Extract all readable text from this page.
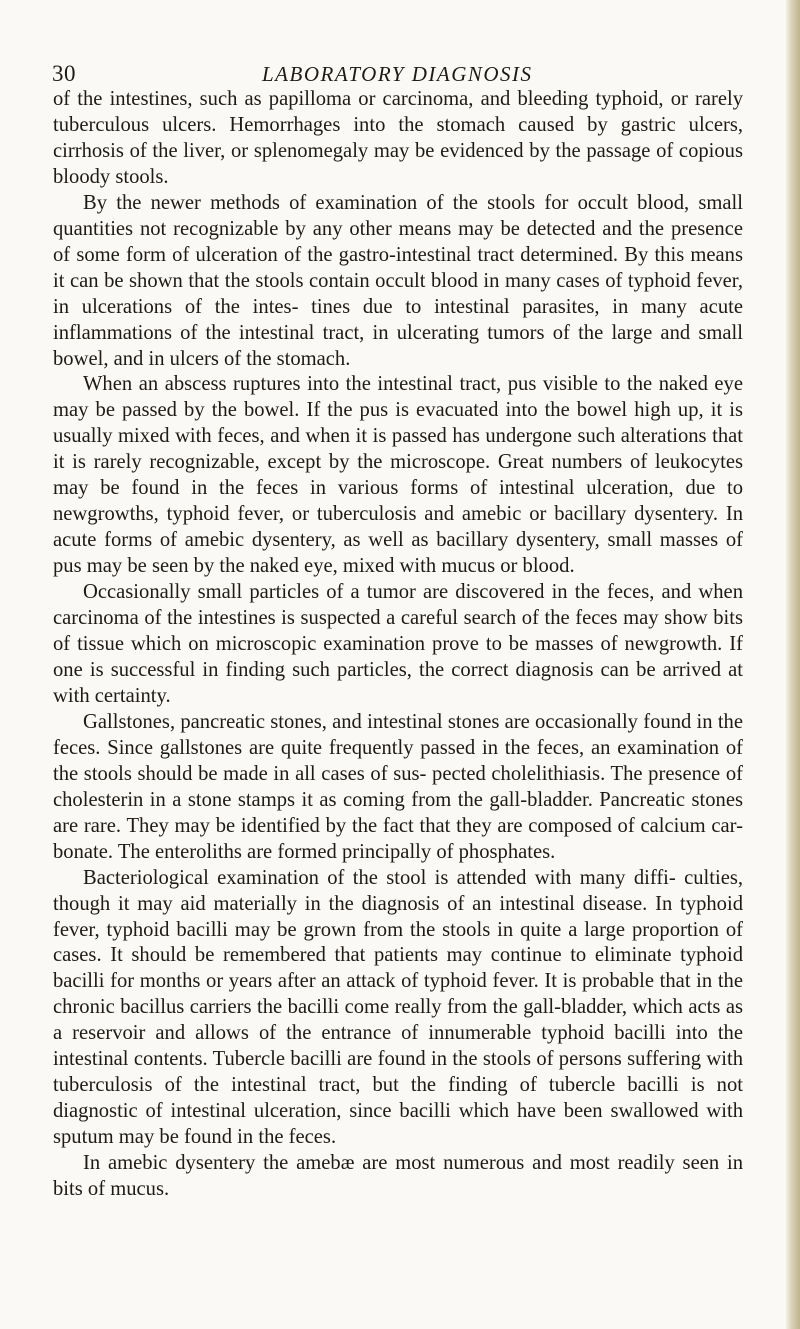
30	LABORATORY DIAGNOSIS

of the intestines, such as papilloma or carcinoma, and bleeding typhoid, or rarely tuberculous ulcers. Hemorrhages into the stomach caused by gastric ulcers, cirrhosis of the liver, or splenomegaly may be evidenced by the passage of copious bloody stools.

By the newer methods of examination of the stools for occult blood, small quantities not recognizable by any other means may be detected and the presence of some form of ulceration of the gastro-intestinal tract determined. By this means it can be shown that the stools contain occult blood in many cases of typhoid fever, in ulcerations of the intes- tines due to intestinal parasites, in many acute inflammations of the intestinal tract, in ulcerating tumors of the large and small bowel, and in ulcers of the stomach.

When an abscess ruptures into the intestinal tract, pus visible to the naked eye may be passed by the bowel. If the pus is evacuated into the bowel high up, it is usually mixed with feces, and when it is passed has undergone such alterations that it is rarely recognizable, except by the microscope. Great numbers of leukocytes may be found in the feces in various forms of intestinal ulceration, due to newgrowths, typhoid fever, or tuberculosis and amebic or bacillary dysentery. In acute forms of amebic dysentery, as well as bacillary dysentery, small masses of pus may be seen by the naked eye, mixed with mucus or blood.

Occasionally small particles of a tumor are discovered in the feces, and when carcinoma of the intestines is suspected a careful search of the feces may show bits of tissue which on microscopic examination prove to be masses of newgrowth. If one is successful in finding such particles, the correct diagnosis can be arrived at with certainty.

Gallstones, pancreatic stones, and intestinal stones are occasionally found in the feces. Since gallstones are quite frequently passed in the feces, an examination of the stools should be made in all cases of sus- pected cholelithiasis. The presence of cholesterin in a stone stamps it as coming from the gall-bladder. Pancreatic stones are rare. They may be identified by the fact that they are composed of calcium car- bonate. The enteroliths are formed principally of phosphates.

Bacteriological examination of the stool is attended with many diffi- culties, though it may aid materially in the diagnosis of an intestinal disease. In typhoid fever, typhoid bacilli may be grown from the stools in quite a large proportion of cases. It should be remembered that patients may continue to eliminate typhoid bacilli for months or years after an attack of typhoid fever. It is probable that in the chronic bacillus carriers the bacilli come really from the gall-bladder, which acts as a reservoir and allows of the entrance of innumerable typhoid bacilli into the intestinal contents. Tubercle bacilli are found in the stools of persons suffering with tuberculosis of the intestinal tract, but the finding of tubercle bacilli is not diagnostic of intestinal ulceration, since bacilli which have been swallowed with sputum may be found in the feces.

In amebic dysentery the amebæ are most numerous and most readily seen in bits of mucus.
